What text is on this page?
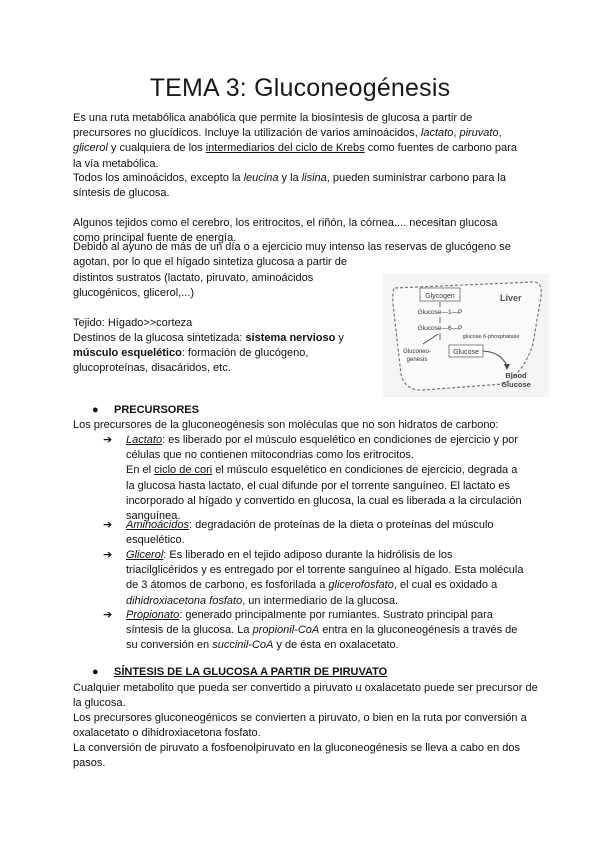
TEMA 3: Gluconeogénesis
Es una ruta metabólica anabólica que permite la biosíntesis de glucosa a partir de precursores no glucídicos. Incluye la utilización de varios aminoácidos, lactato, piruvato,
glicerol y cualquiera de los intermediarios del ciclo de Krebs como fuentes de carbono para la vía metabólica.
Todos los aminoácidos, excepto la leucina y la lisina, pueden suministrar carbono para la síntesis de glucosa.
Algunos tejidos como el cerebro, los eritrocitos, el riñón, la córnea.... necesitan glucosa como principal fuente de energía.
Debido al ayuno de más de un día o a ejercicio muy intenso las reservas de glucógeno se agotan, por lo que el hígado sintetiza glucosa a partir de
distintos sustratos (lactato, piruvato, aminoácidos
glucogénicos, glicerol,...)
Tejido: Hígado>>corteza
Destinos de la glucosa sintetizada: sistema nervioso y
músculo esquelético: formación de glucógeno,
glucoproteínas, disacáridos, etc.
Glycogen	Liver
Glucose—1—P
Glucose—6—P
glucose 6-phosphatase
Gluconeo-
genesis
Glucose
Blood
Glucose
● PRECURSORES
Los precursores de la gluconeogénesis son moléculas que no son hidratos de carbono:
➔ Lactato: es liberado por el músculo esquelético en condiciones de ejercicio y por células que no contienen mitocondrias como los eritrocitos.
En el ciclo de cori el músculo esquelético en condiciones de ejercicio, degrada a la glucosa hasta lactato, el cual difunde por el torrente sanguíneo. El lactato es incorporado al hígado y convertido en glucosa, la cual es liberada a la circulación sanguínea.
➔ Aminoácidos: degradación de proteínas de la dieta o proteínas del músculo esquelético.
➔ Glicerol: Es liberado en el tejido adiposo durante la hidrólisis de los triacilglicéridos y es entregado por el torrente sanguíneo al hígado. Esta molécula de 3 átomos de carbono, es fosforilada a glicerofosfato, el cual es oxidado a dihidroxiacetona fosfato, un intermediario de la glucosa.
➔ Propionato: generado principalmente por rumiantes. Sustrato principal para síntesis de la glucosa. La propionil-CoA entra en la gluconeogénesis a través de su conversión en succinil-CoA y de ésta en oxalacetato.
● SÍNTESIS DE LA GLUCOSA A PARTIR DE PIRUVATO
Cualquier metabolito que pueda ser convertido a piruvato u oxalacetato puede ser precursor de la glucosa.
Los precursores gluconeogénicos se convierten a piruvato, o bien en la ruta por conversión a oxalacetato o dihidroxiacetona fosfato.
La conversión de piruvato a fosfoenolpiruvato en la gluconeogénesis se lleva a cabo en dos pasos.
